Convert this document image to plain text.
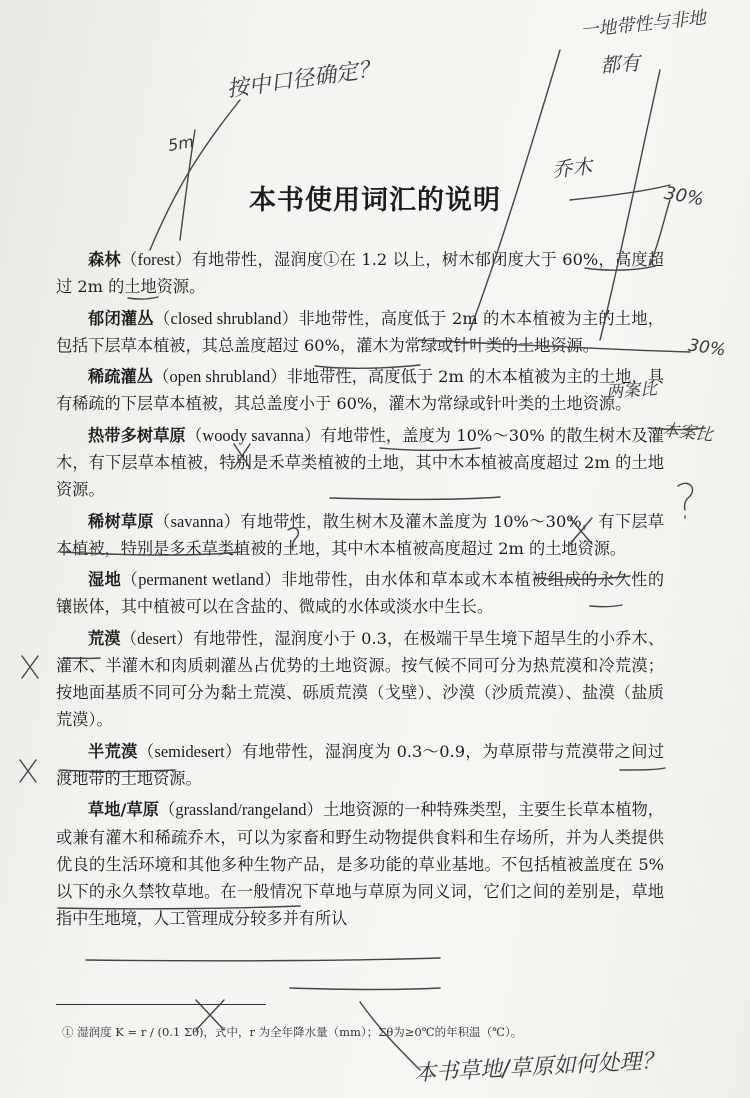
本书使用词汇的说明

森林（forest）有地带性，湿润度①在 1.2 以上，树木郁闭度大于 60%，高度超过 2m 的土地资源。

郁闭灌丛（closed shrubland）非地带性，高度低于 2m 的木本植被为主的土地，包括下层草本植被，其总盖度超过 60%，灌木为常绿或针叶类的土地资源。

稀疏灌丛（open shrubland）非地带性，高度低于 2m 的木本植被为主的土地，具有稀疏的下层草本植被，其总盖度小于 60%，灌木为常绿或针叶类的土地资源。

热带多树草原（woody savanna）有地带性，盖度为 10%～30% 的散生树木及灌木，有下层草本植被，特别是禾草类植被的土地，其中木本植被高度超过 2m 的土地资源。

稀树草原（savanna）有地带性，散生树木及灌木盖度为 10%～30%，有下层草本植被，特别是多禾草类植被的土地，其中木本植被高度超过 2m 的土地资源。

湿地（permanent wetland）非地带性，由水体和草本或木本植被组成的永久性的镶嵌体，其中植被可以在含盐的、微咸的水体或淡水中生长。

荒漠（desert）有地带性，湿润度小于 0.3，在极端干旱生境下超旱生的小乔木、灌木、半灌木和肉质刺灌丛占优势的土地资源。按气候不同可分为热荒漠和冷荒漠；按地面基质不同可分为黏土荒漠、砾质荒漠（戈壁）、沙漠（沙质荒漠）、盐漠（盐质荒漠）。

半荒漠（semidesert）有地带性，湿润度为 0.3～0.9，为草原带与荒漠带之间过渡地带的土地资源。

草地/草原（grassland/rangeland）土地资源的一种特殊类型，主要生长草本植物，或兼有灌木和稀疏乔木，可以为家畜和野生动物提供食料和生存场所，并为人类提供优良的生活环境和其他多种生物产品，是多功能的草业基地。不包括植被盖度在 5%以下的永久禁牧草地。在一般情况下草地与草原为同义词，它们之间的差别是，草地指中生地境，人工管理成分较多并有所认

① 湿润度 K = r / (0.1 Σθ)，式中，r 为全年降水量（mm）；Σθ为≥0℃的年积温（℃）。
按中口径确定？
5m
一地带性与非地
都有
乔木
30%
30%
两案比
本案比
本书草地/草原如何处理？
